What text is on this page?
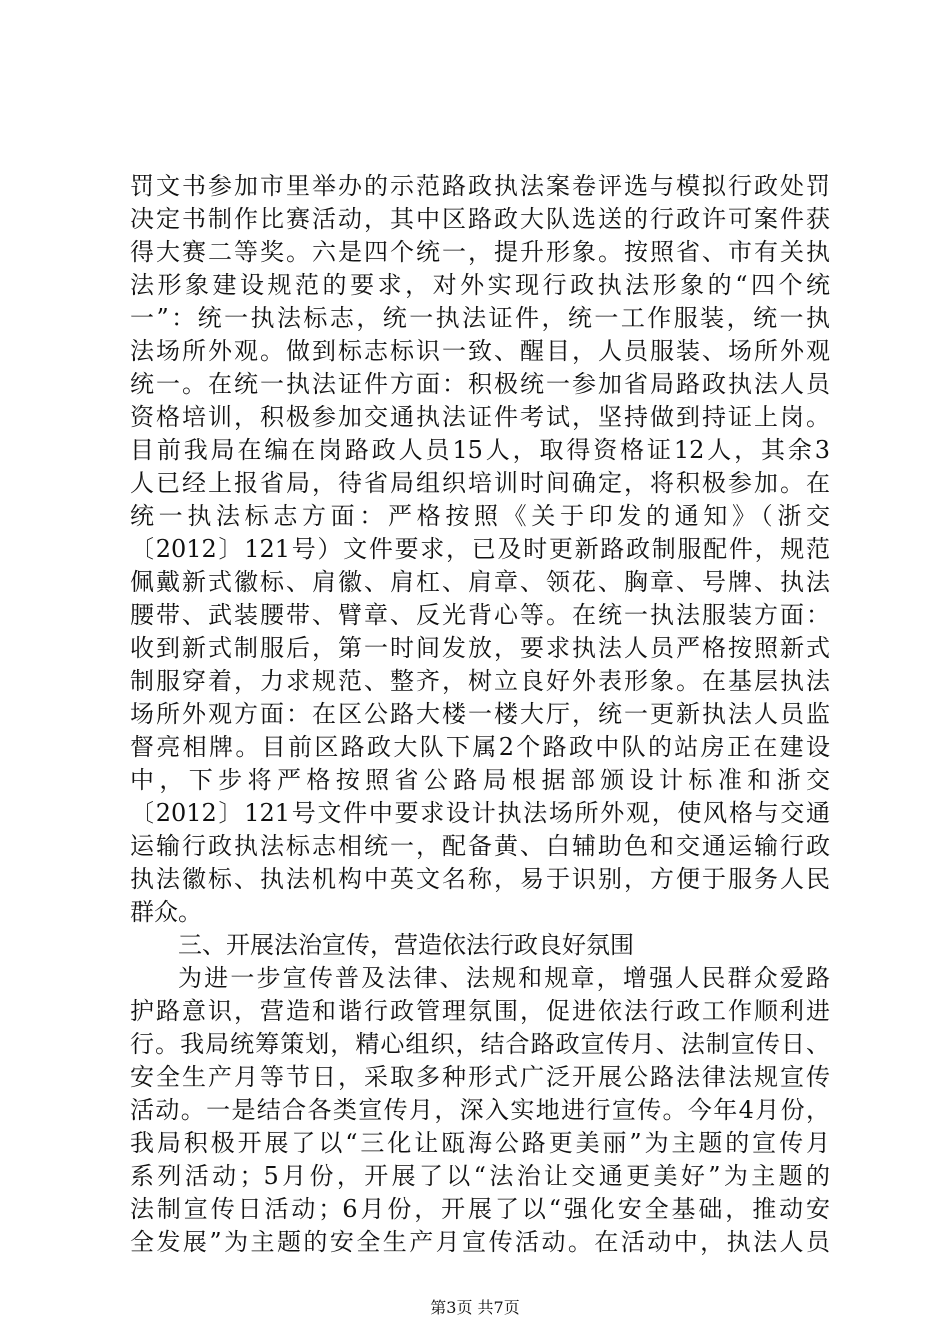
罚文书参加市里举办的示范路政执法案卷评选与模拟行政处罚
决定书制作比赛活动，其中区路政大队选送的行政许可案件获
得大赛二等奖。六是四个统一，提升形象。按照省、市有关执
法形象建设规范的要求，对外实现行政执法形象的“四个统
一”：统一执法标志，统一执法证件，统一工作服装，统一执
法场所外观。做到标志标识一致、醒目，人员服装、场所外观
统一。在统一执法证件方面：积极统一参加省局路政执法人员
资格培训，积极参加交通执法证件考试，坚持做到持证上岗。
目前我局在编在岗路政人员15人，取得资格证12人，其余3
人已经上报省局，待省局组织培训时间确定，将积极参加。在
统一执法标志方面：严格按照《关于印发的通知》（浙交
〔2012〕121号）文件要求，已及时更新路政制服配件，规范
佩戴新式徽标、肩徽、肩杠、肩章、领花、胸章、号牌、执法
腰带、武装腰带、臂章、反光背心等。在统一执法服装方面：
收到新式制服后，第一时间发放，要求执法人员严格按照新式
制服穿着，力求规范、整齐，树立良好外表形象。在基层执法
场所外观方面：在区公路大楼一楼大厅，统一更新执法人员监
督亮相牌。目前区路政大队下属2个路政中队的站房正在建设
中，下步将严格按照省公路局根据部颁设计标准和浙交
〔2012〕121号文件中要求设计执法场所外观，使风格与交通
运输行政执法标志相统一，配备黄、白辅助色和交通运输行政
执法徽标、执法机构中英文名称，易于识别，方便于服务人民
群众。
三、开展法治宣传，营造依法行政良好氛围
为进一步宣传普及法律、法规和规章，增强人民群众爱路
护路意识，营造和谐行政管理氛围，促进依法行政工作顺利进
行。我局统筹策划，精心组织，结合路政宣传月、法制宣传日、
安全生产月等节日，采取多种形式广泛开展公路法律法规宣传
活动。一是结合各类宣传月，深入实地进行宣传。今年4月份，
我局积极开展了以“三化让瓯海公路更美丽”为主题的宣传月
系列活动；5月份，开展了以“法治让交通更美好”为主题的
法制宣传日活动；6月份，开展了以“强化安全基础，推动安
全发展”为主题的安全生产月宣传活动。在活动中，执法人员
第3页 共7页
